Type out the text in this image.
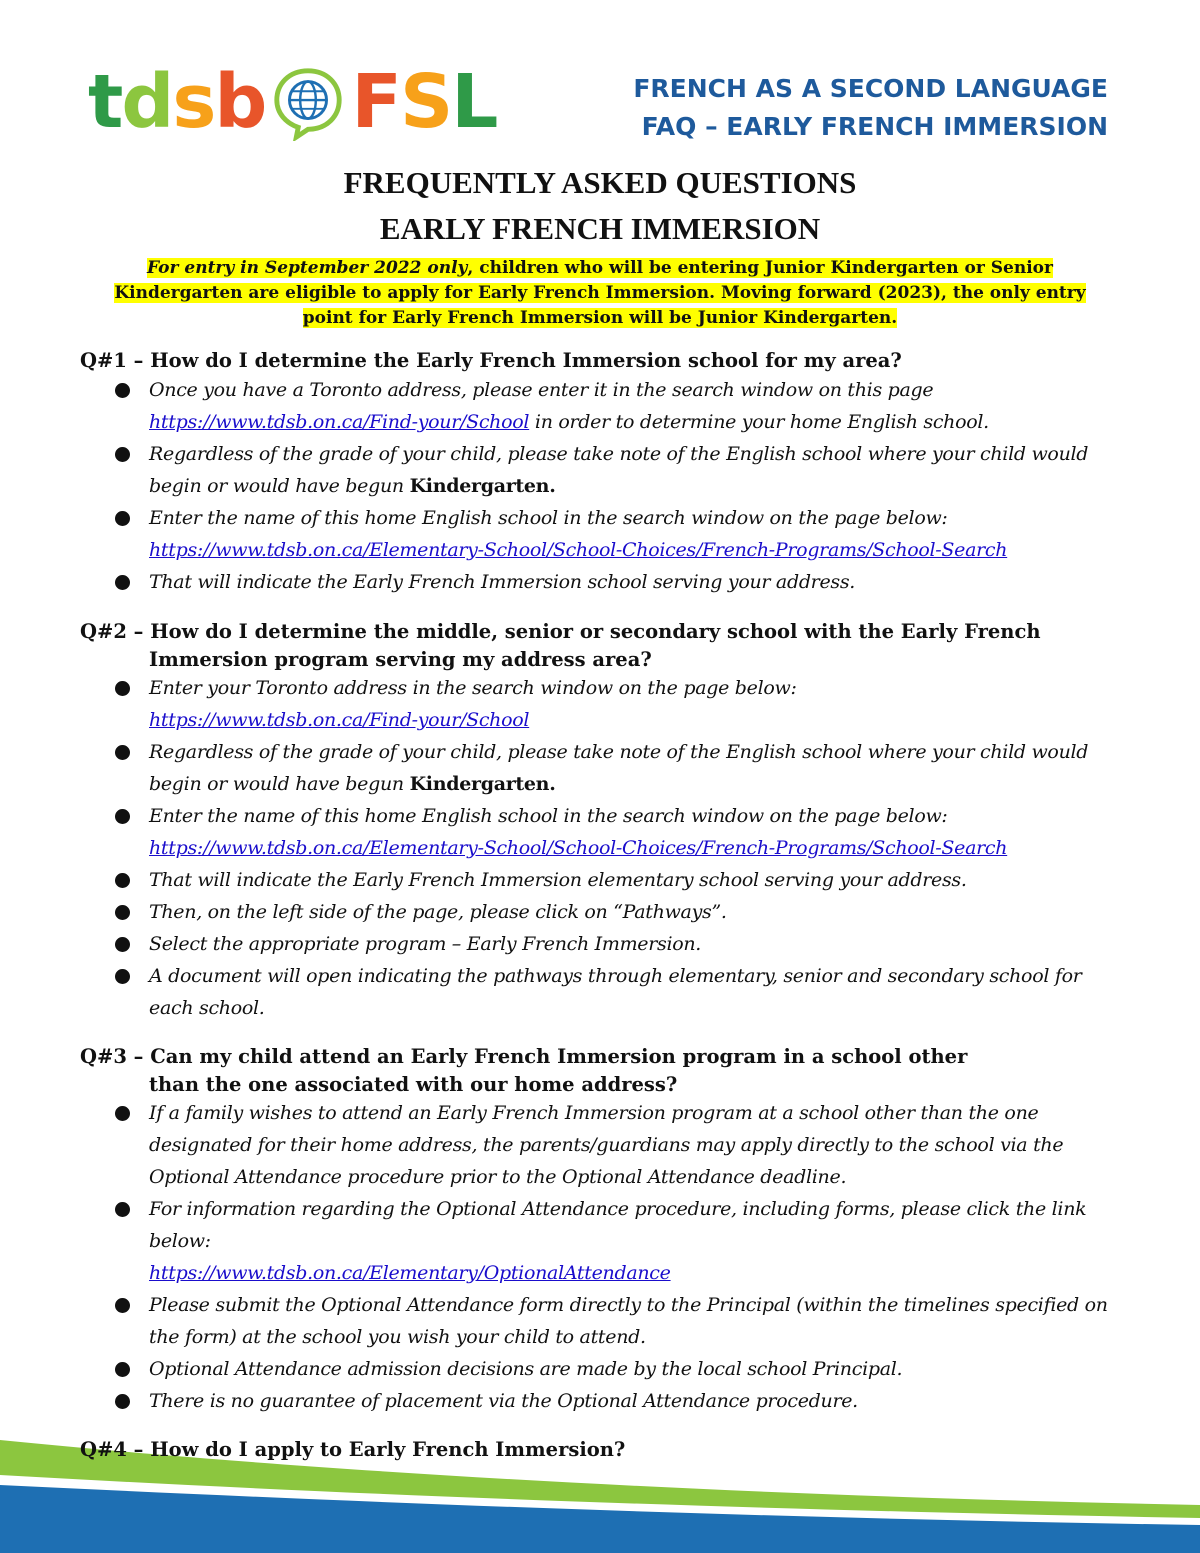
tdsb FSL	FRENCH AS A SECOND LANGUAGE
FAQ – EARLY FRENCH IMMERSION
FREQUENTLY ASKED QUESTIONS
EARLY FRENCH IMMERSION
For entry in September 2022 only, children who will be entering Junior Kindergarten or Senior
Kindergarten are eligible to apply for Early French Immersion. Moving forward (2023), the only entry
point for Early French Immersion will be Junior Kindergarten.
Q#1 – How do I determine the Early French Immersion school for my area?
Once you have a Toronto address, please enter it in the search window on this page
https://www.tdsb.on.ca/Find-your/School in order to determine your home English school.
Regardless of the grade of your child, please take note of the English school where your child would begin or would have begun Kindergarten.
Enter the name of this home English school in the search window on the page below:
https://www.tdsb.on.ca/Elementary-School/School-Choices/French-Programs/School-Search
That will indicate the Early French Immersion school serving your address.
Q#2 – How do I determine the middle, senior or secondary school with the Early French
Immersion program serving my address area?
Enter your Toronto address in the search window on the page below:
https://www.tdsb.on.ca/Find-your/School
Regardless of the grade of your child, please take note of the English school where your child would begin or would have begun Kindergarten.
Enter the name of this home English school in the search window on the page below:
https://www.tdsb.on.ca/Elementary-School/School-Choices/French-Programs/School-Search
That will indicate the Early French Immersion elementary school serving your address.
Then, on the left side of the page, please click on “Pathways”.
Select the appropriate program – Early French Immersion.
A document will open indicating the pathways through elementary, senior and secondary school for each school.
Q#3 – Can my child attend an Early French Immersion program in a school other
than the one associated with our home address?
If a family wishes to attend an Early French Immersion program at a school other than the one designated for their home address, the parents/guardians may apply directly to the school via the Optional Attendance procedure prior to the Optional Attendance deadline.
For information regarding the Optional Attendance procedure, including forms, please click the link below:
https://www.tdsb.on.ca/Elementary/OptionalAttendance
Please submit the Optional Attendance form directly to the Principal (within the timelines specified on the form) at the school you wish your child to attend.
Optional Attendance admission decisions are made by the local school Principal.
There is no guarantee of placement via the Optional Attendance procedure.
Q#4 – How do I apply to Early French Immersion?
